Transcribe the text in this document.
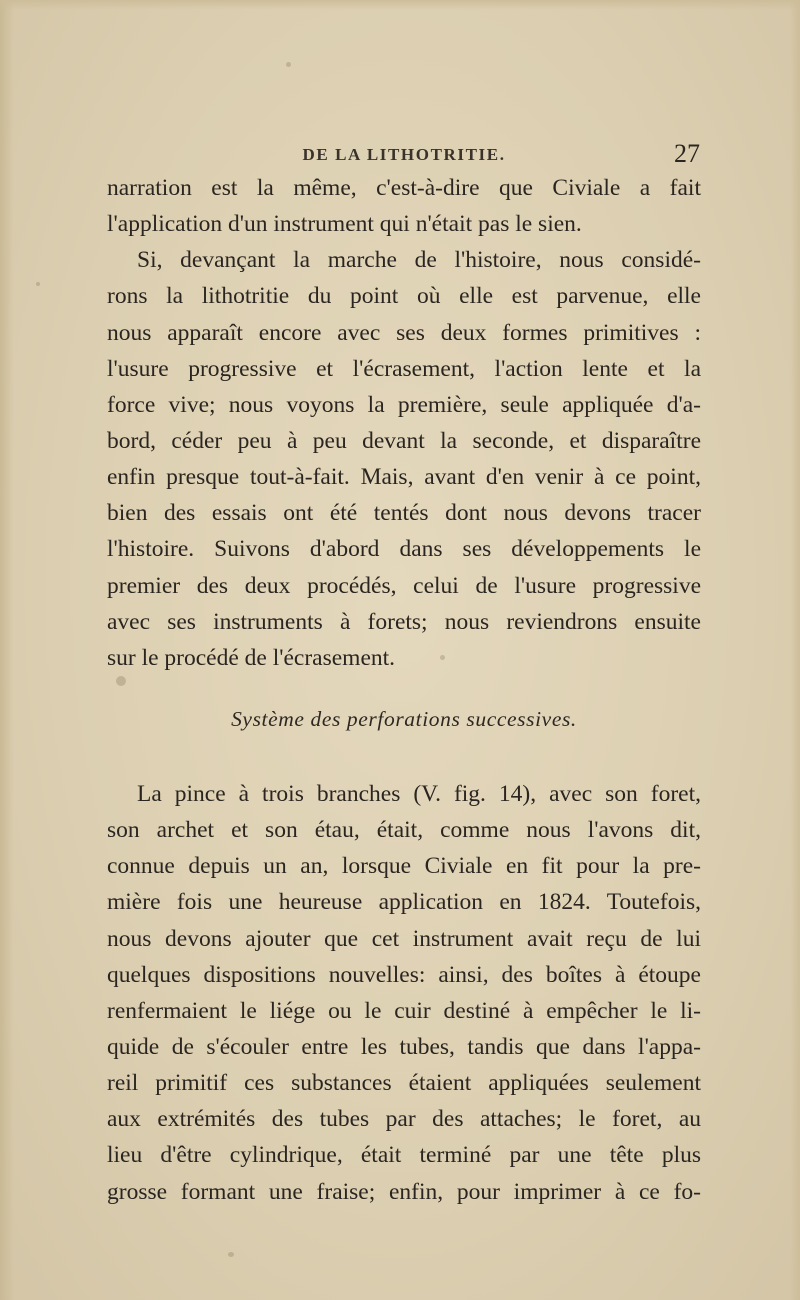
DE LA LITHOTRITIE.	27
narration est la même, c'est-à-dire que Civiale a fait
l'application d'un instrument qui n'était pas le sien.
Si, devançant la marche de l'histoire, nous considé-
rons la lithotritie du point où elle est parvenue, elle
nous apparaît encore avec ses deux formes primitives :
l'usure progressive et l'écrasement, l'action lente et la
force vive; nous voyons la première, seule appliquée d'a-
bord, céder peu à peu devant la seconde, et disparaître
enfin presque tout-à-fait. Mais, avant d'en venir à ce point,
bien des essais ont été tentés dont nous devons tracer
l'histoire. Suivons d'abord dans ses développements le
premier des deux procédés, celui de l'usure progressive
avec ses instruments à forets; nous reviendrons ensuite
sur le procédé de l'écrasement.
Système des perforations successives.
La pince à trois branches (V. fig. 14), avec son foret,
son archet et son étau, était, comme nous l'avons dit,
connue depuis un an, lorsque Civiale en fit pour la pre-
mière fois une heureuse application en 1824. Toutefois,
nous devons ajouter que cet instrument avait reçu de lui
quelques dispositions nouvelles: ainsi, des boîtes à étoupe
renfermaient le liége ou le cuir destiné à empêcher le li-
quide de s'écouler entre les tubes, tandis que dans l'appa-
reil primitif ces substances étaient appliquées seulement
aux extrémités des tubes par des attaches; le foret, au
lieu d'être cylindrique, était terminé par une tête plus
grosse formant une fraise; enfin, pour imprimer à ce fo-
